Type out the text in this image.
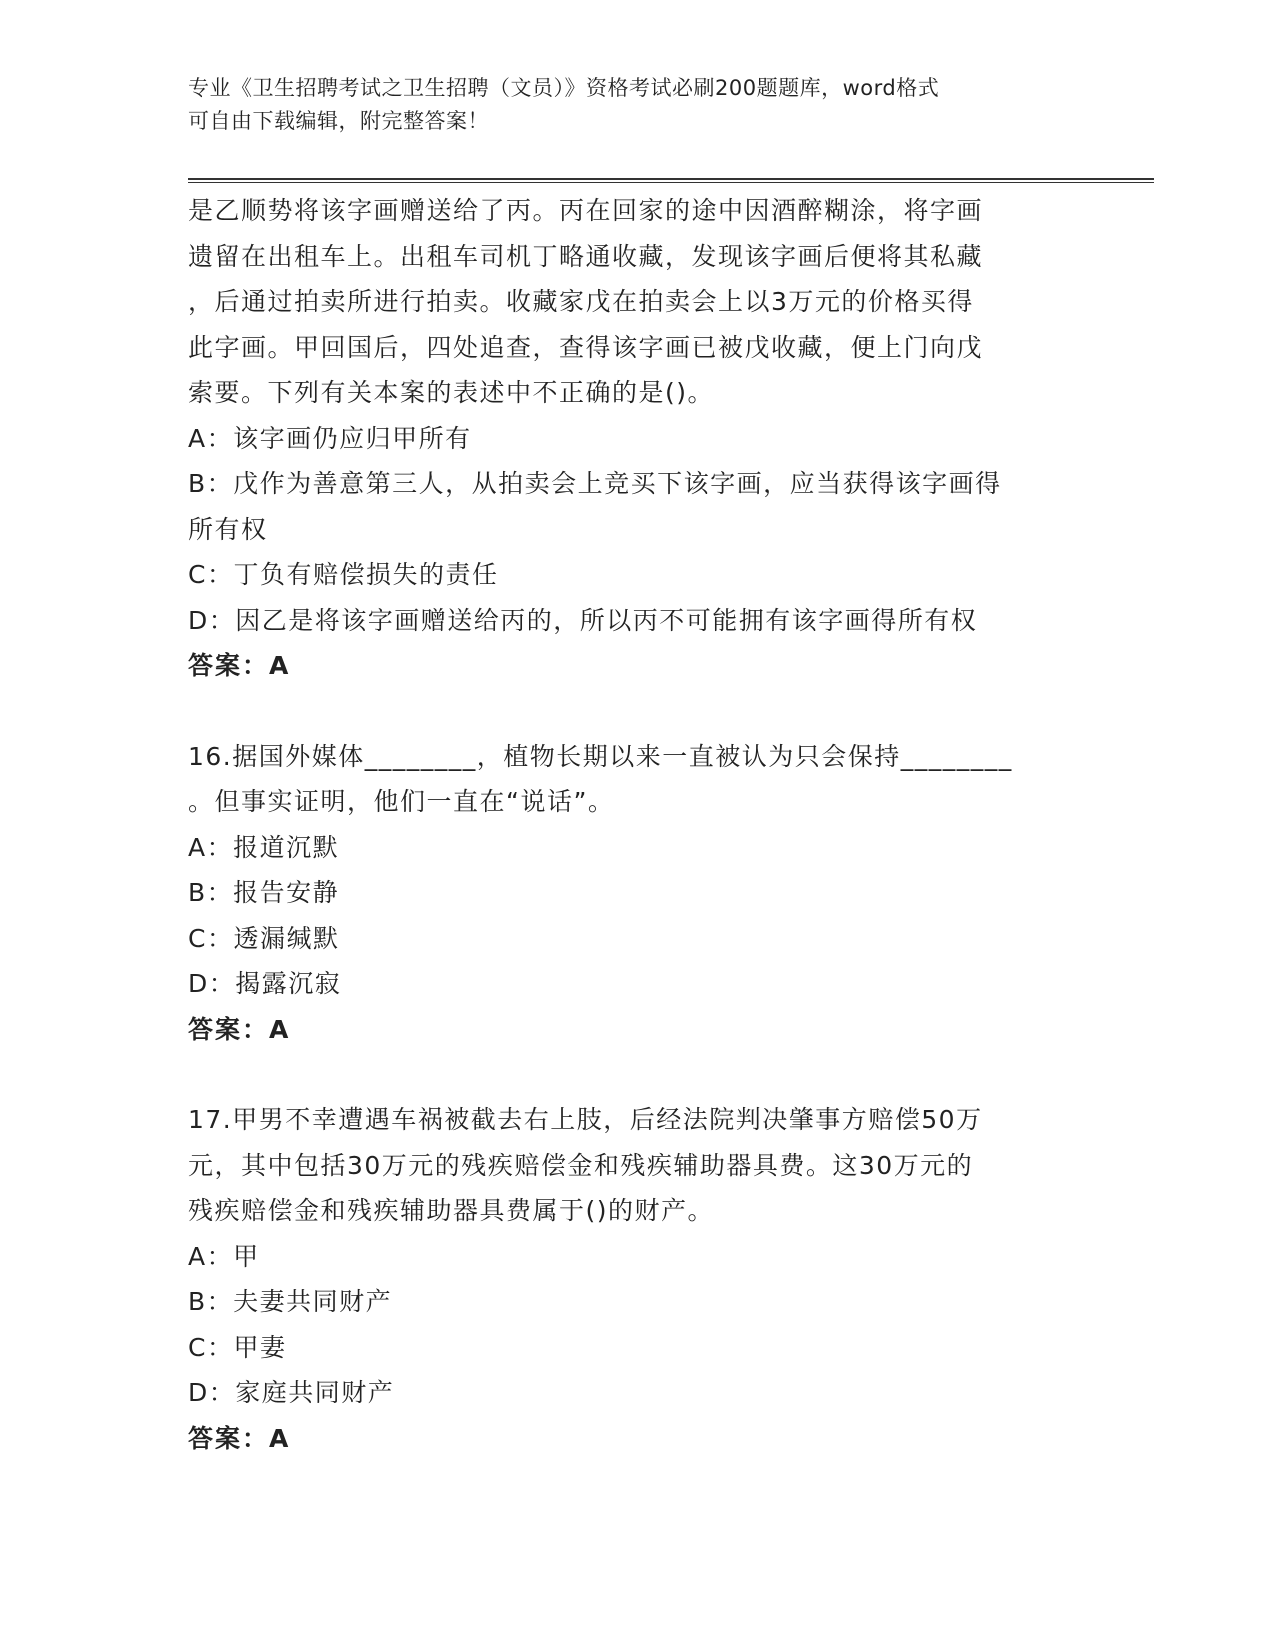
专业《卫生招聘考试之卫生招聘（文员）》资格考试必刷200题题库，word格式
可自由下载编辑，附完整答案！
是乙顺势将该字画赠送给了丙。丙在回家的途中因酒醉糊涂，将字画
遗留在出租车上。出租车司机丁略通收藏，发现该字画后便将其私藏
，后通过拍卖所进行拍卖。收藏家戊在拍卖会上以3万元的价格买得
此字画。甲回国后，四处追查，查得该字画已被戊收藏，便上门向戊
索要。下列有关本案的表述中不正确的是()。
A：该字画仍应归甲所有
B：戊作为善意第三人，从拍卖会上竞买下该字画，应当获得该字画得
所有权
C：丁负有赔偿损失的责任
D：因乙是将该字画赠送给丙的，所以丙不可能拥有该字画得所有权
答案：A
16.据国外媒体________，植物长期以来一直被认为只会保持________
。但事实证明，他们一直在“说话”。
A：报道沉默
B：报告安静
C：透漏缄默
D：揭露沉寂
答案：A
17.甲男不幸遭遇车祸被截去右上肢，后经法院判决肇事方赔偿50万
元，其中包括30万元的残疾赔偿金和残疾辅助器具费。这30万元的
残疾赔偿金和残疾辅助器具费属于()的财产。
A：甲
B：夫妻共同财产
C：甲妻
D：家庭共同财产
答案：A
